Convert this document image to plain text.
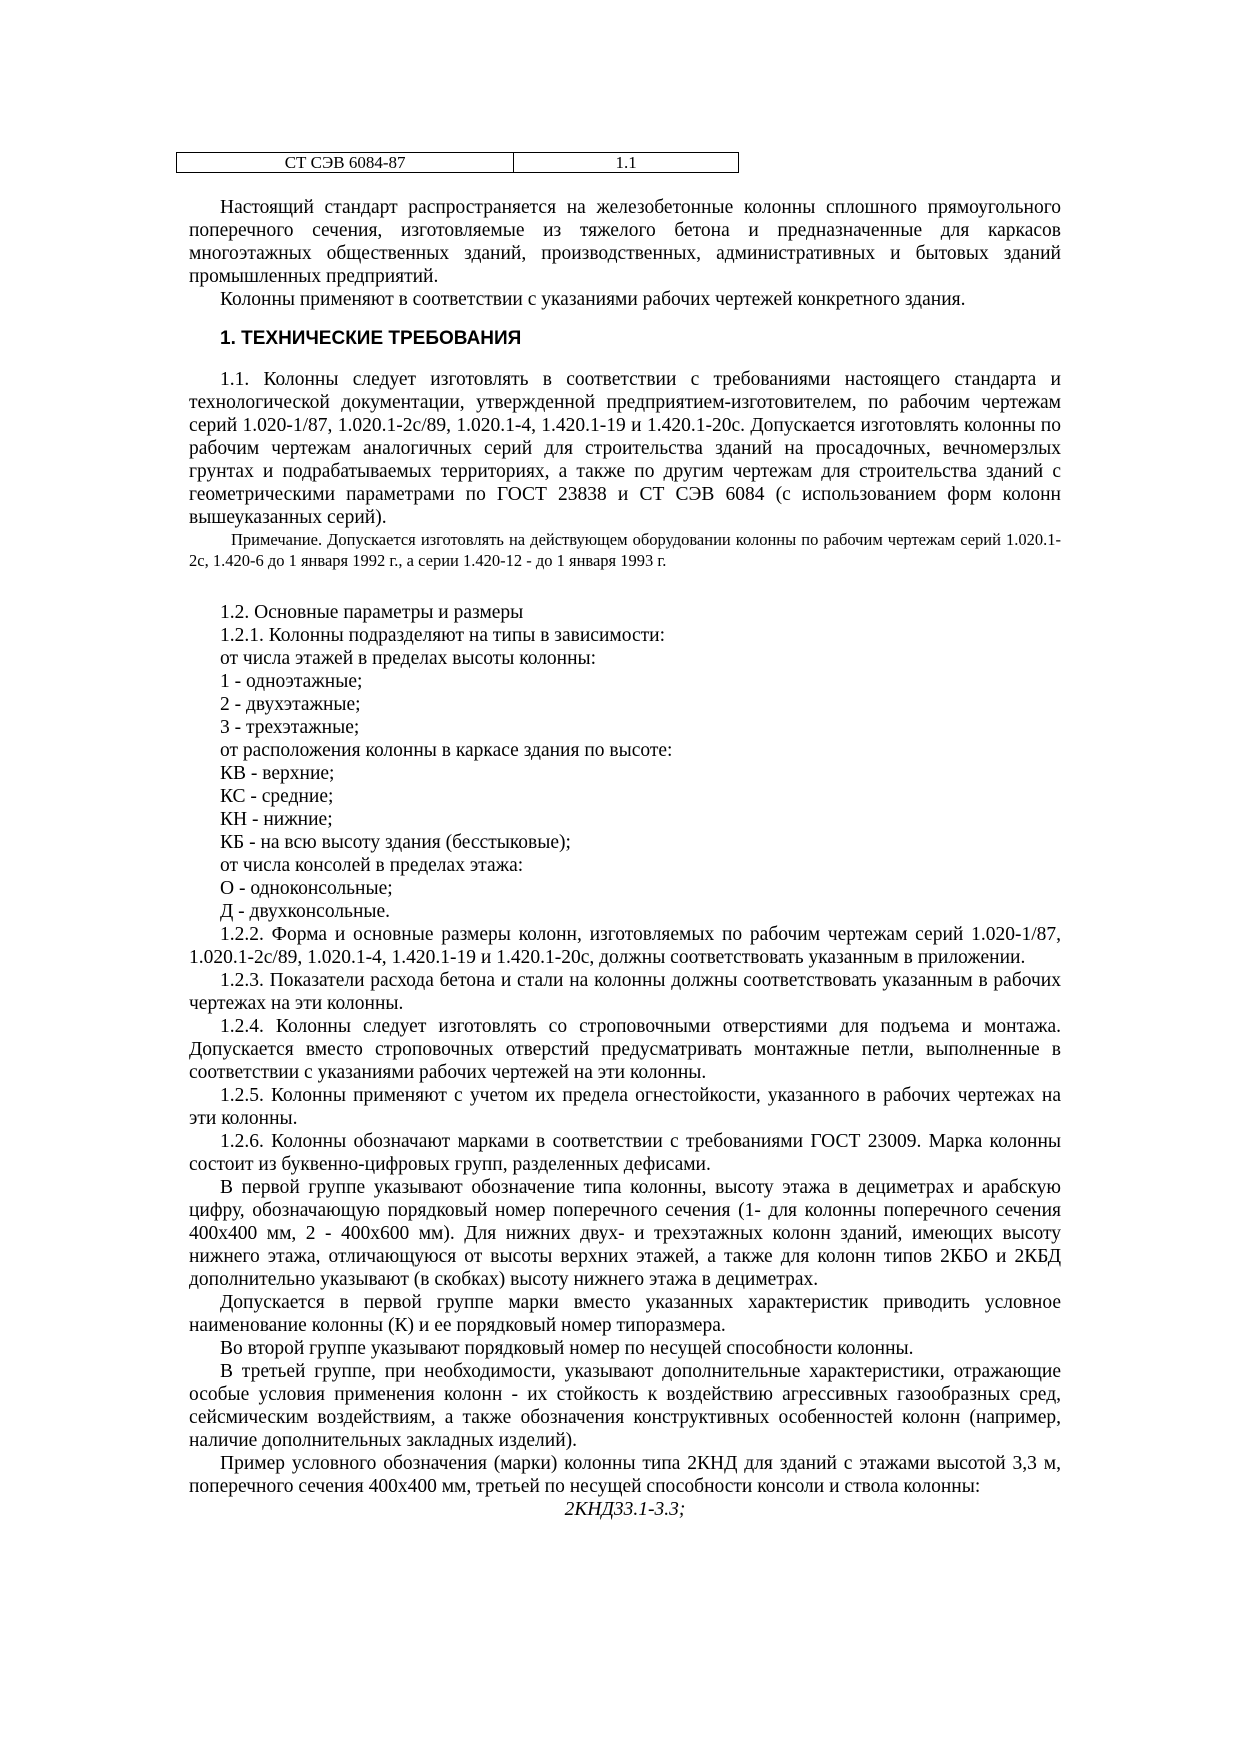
СТ СЭВ 6084-87	1.1

Настоящий стандарт распространяется на железобетонные колонны сплошного прямоугольного поперечного сечения, изготовляемые из тяжелого бетона и предназначенные для каркасов многоэтажных общественных зданий, производственных, административных и бытовых зданий промышленных предприятий.

Колонны применяют в соответствии с указаниями рабочих чертежей конкретного здания.

1. ТЕХНИЧЕСКИЕ ТРЕБОВАНИЯ

1.1. Колонны следует изготовлять в соответствии с требованиями настоящего стандарта и технологической документации, утвержденной предприятием-изготовителем, по рабочим чертежам серий 1.020-1/87, 1.020.1-2с/89, 1.020.1-4, 1.420.1-19 и 1.420.1-20с. Допускается изготовлять колонны по рабочим чертежам аналогичных серий для строительства зданий на просадочных, вечномерзлых грунтах и подрабатываемых территориях, а также по другим чертежам для строительства зданий с геометрическими параметрами по ГОСТ 23838 и СТ СЭВ 6084 (с использованием форм колонн вышеуказанных серий).

Примечание. Допускается изготовлять на действующем оборудовании колонны по рабочим чертежам серий 1.020.1-2с, 1.420-6 до 1 января 1992 г., а серии 1.420-12 - до 1 января 1993 г.

1.2. Основные параметры и размеры

1.2.1. Колонны подразделяют на типы в зависимости:

от числа этажей в пределах высоты колонны:

1 - одноэтажные;

2 - двухэтажные;

3 - трехэтажные;

от расположения колонны в каркасе здания по высоте:

КВ - верхние;

КС - средние;

КН - нижние;

КБ - на всю высоту здания (бесстыковые);

от числа консолей в пределах этажа:

О - одноконсольные;

Д - двухконсольные.

1.2.2. Форма и основные размеры колонн, изготовляемых по рабочим чертежам серий 1.020-1/87, 1.020.1-2с/89, 1.020.1-4, 1.420.1-19 и 1.420.1-20с, должны соответствовать указанным в приложении.

1.2.3. Показатели расхода бетона и стали на колонны должны соответствовать указанным в рабочих чертежах на эти колонны.

1.2.4. Колонны следует изготовлять со строповочными отверстиями для подъема и монтажа. Допускается вместо строповочных отверстий предусматривать монтажные петли, выполненные в соответствии с указаниями рабочих чертежей на эти колонны.

1.2.5. Колонны применяют с учетом их предела огнестойкости, указанного в рабочих чертежах на эти колонны.

1.2.6. Колонны обозначают марками в соответствии с требованиями ГОСТ 23009. Марка колонны состоит из буквенно-цифровых групп, разделенных дефисами.

В первой группе указывают обозначение типа колонны, высоту этажа в дециметрах и арабскую цифру, обозначающую порядковый номер поперечного сечения (1- для колонны поперечного сечения 400х400 мм, 2 - 400х600 мм). Для нижних двух- и трехэтажных колонн зданий, имеющих высоту нижнего этажа, отличающуюся от высоты верхних этажей, а также для колонн типов 2КБО и 2КБД дополнительно указывают (в скобках) высоту нижнего этажа в дециметрах.

Допускается в первой группе марки вместо указанных характеристик приводить условное наименование колонны (К) и ее порядковый номер типоразмера.

Во второй группе указывают порядковый номер по несущей способности колонны.

В третьей группе, при необходимости, указывают дополнительные характеристики, отражающие особые условия применения колонн - их стойкость к воздействию агрессивных газообразных сред, сейсмическим воздействиям, а также обозначения конструктивных особенностей колонн (например, наличие дополнительных закладных изделий).

Пример условного обозначения (марки) колонны типа 2КНД для зданий с этажами высотой 3,3 м, поперечного сечения 400х400 мм, третьей по несущей способности консоли и ствола колонны:

2КНД33.1-3.3;
